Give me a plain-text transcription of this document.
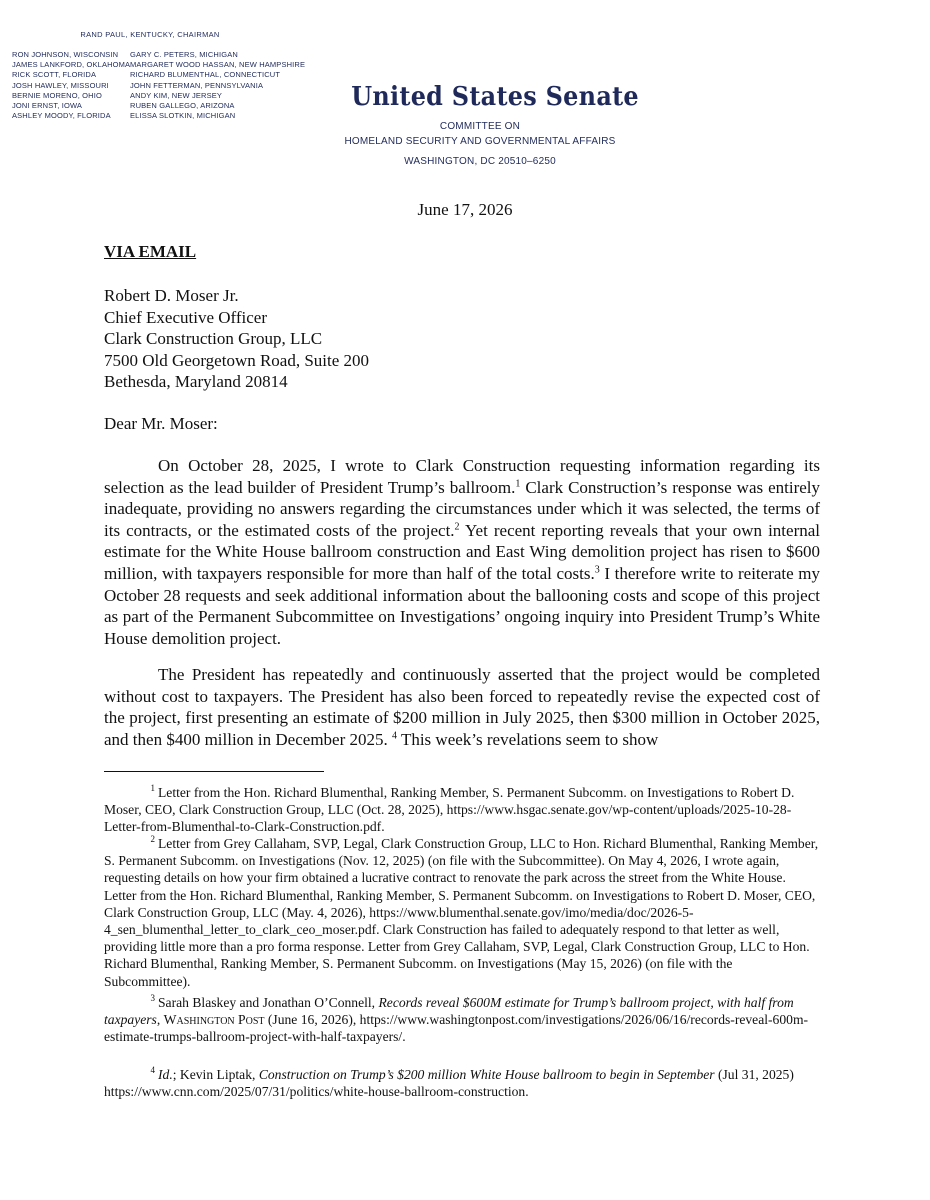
RAND PAUL, KENTUCKY, CHAIRMAN
RON JOHNSON, WISCONSIN
JAMES LANKFORD, OKLAHOMA
RICK SCOTT, FLORIDA
JOSH HAWLEY, MISSOURI
BERNIE MORENO, OHIO
JONI ERNST, IOWA
ASHLEY MOODY, FLORIDA
GARY C. PETERS, MICHIGAN
MARGARET WOOD HASSAN, NEW HAMPSHIRE
RICHARD BLUMENTHAL, CONNECTICUT
JOHN FETTERMAN, PENNSYLVANIA
ANDY KIM, NEW JERSEY
RUBEN GALLEGO, ARIZONA
ELISSA SLOTKIN, MICHIGAN
United States Senate
COMMITTEE ON
HOMELAND SECURITY AND GOVERNMENTAL AFFAIRS
WASHINGTON, DC 20510–6250
June 17, 2026
VIA EMAIL
Robert D. Moser Jr.
Chief Executive Officer
Clark Construction Group, LLC
7500 Old Georgetown Road, Suite 200
Bethesda, Maryland 20814
Dear Mr. Moser:
On October 28, 2025, I wrote to Clark Construction requesting information regarding its selection as the lead builder of President Trump’s ballroom.$^1$ Clark Construction’s response was entirely inadequate, providing no answers regarding the circumstances under which it was selected, the terms of its contracts, or the estimated costs of the project.$^2$ Yet recent reporting reveals that your own internal estimate for the White House ballroom construction and East Wing demolition project has risen to $600 million, with taxpayers responsible for more than half of the total costs.$^3$ I therefore write to reiterate my October 28 requests and seek additional information about the ballooning costs and scope of this project as part of the Permanent Subcommittee on Investigations’ ongoing inquiry into President Trump’s White House demolition project.
The President has repeatedly and continuously asserted that the project would be completed without cost to taxpayers. The President has also been forced to repeatedly revise the expected cost of the project, first presenting an estimate of $200 million in July 2025, then $300 million in October 2025, and then $400 million in December 2025. $^4$ This week’s revelations seem to show
$^1$ Letter from the Hon. Richard Blumenthal, Ranking Member, S. Permanent Subcomm. on Investigations to Robert D. Moser, CEO, Clark Construction Group, LLC (Oct. 28, 2025), https://www.hsgac.senate.gov/wp-content/uploads/2025-10-28-Letter-from-Blumenthal-to-Clark-Construction.pdf.
$^2$ Letter from Grey Callaham, SVP, Legal, Clark Construction Group, LLC to Hon. Richard Blumenthal, Ranking Member, S. Permanent Subcomm. on Investigations (Nov. 12, 2025) (on file with the Subcommittee). On May 4, 2026, I wrote again, requesting details on how your firm obtained a lucrative contract to renovate the park across the street from the White House. Letter from the Hon. Richard Blumenthal, Ranking Member, S. Permanent Subcomm. on Investigations to Robert D. Moser, CEO, Clark Construction Group, LLC (May. 4, 2026), https://www.blumenthal.senate.gov/imo/media/doc/2026-5-4_sen_blumenthal_letter_to_clark_ceo_moser.pdf. Clark Construction has failed to adequately respond to that letter as well, providing little more than a pro forma response. Letter from Grey Callaham, SVP, Legal, Clark Construction Group, LLC to Hon. Richard Blumenthal, Ranking Member, S. Permanent Subcomm. on Investigations (May 15, 2026) (on file with the Subcommittee).
$^3$ Sarah Blaskey and Jonathan O’Connell, Records reveal $600M estimate for Trump’s ballroom project, with half from taxpayers, Washington Post (June 16, 2026), https://www.washingtonpost.com/investigations/2026/06/16/records-reveal-600m-estimate-trumps-ballroom-project-with-half-taxpayers/.
$^4$ Id.; Kevin Liptak, Construction on Trump’s $200 million White House ballroom to begin in September (Jul 31, 2025) https://www.cnn.com/2025/07/31/politics/white-house-ballroom-construction.
